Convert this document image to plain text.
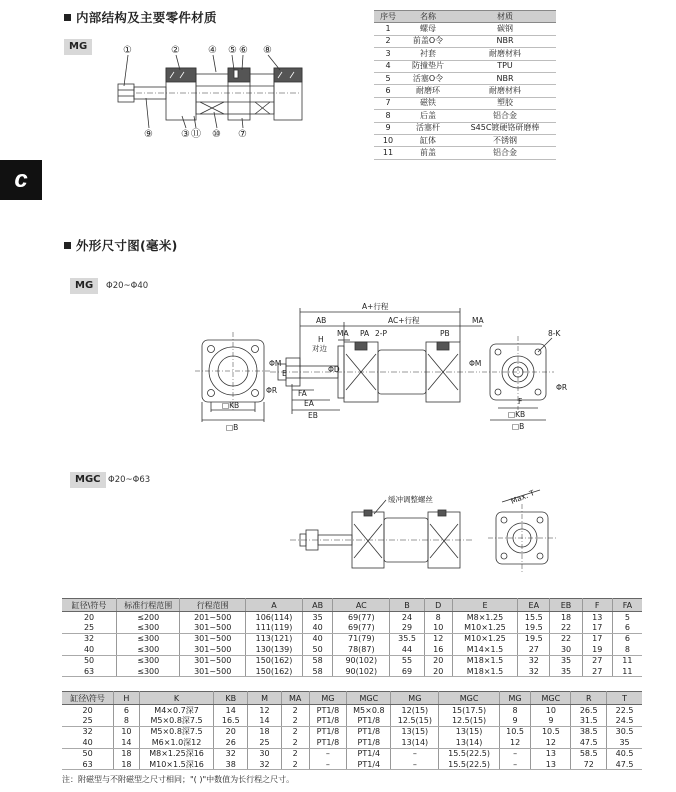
内部结构及主要零件材质
MG	①	②	④ ⑤ ⑥ ⑧
⑨	③ ⑪ ⑩ ⑦
序号	名称	材质
1	螺母	碳钢
2	前盖O令	NBR
3	衬套	耐磨材料
4	防撞垫片	TPU
5	活塞O令	NBR
6	耐磨环	耐磨材料
7	磁铁	塑胶
8	后盖	铝合金
9	活塞杆	S45C镀硬铬研磨棒
10	缸体	不锈钢
11	前盖	铝合金
c
外形尺寸图(毫米)
MG	Φ20~Φ40
A+行程
AB	AC+行程	MA
MA PA 2-P	PB
H
对边
FA
EA
EB
ΦD
E
ΦM	ΦM
□KB
□B
ΦR
8-K
ΦR
F
□KB
□B
MGC Φ20~Φ63
缓冲调整螺丝	Max. T
缸径\符号	标准行程范围	行程范围	A	AB	AC	B	D	E	EA	EB	F	FA
20	≤200	201~500	106(114)	35	69(77)	24	8	M8×1.25	15.5	18	13	5
25	≤300	301~500	111(119)	40	69(77)	29	10	M10×1.25	19.5	22	17	6
32	≤300	301~500	113(121)	40	71(79)	35.5	12	M10×1.25	19.5	22	17	6
40	≤300	301~500	130(139)	50	78(87)	44	16	M14×1.5	27	30	19	8
50	≤300	301~500	150(162)	58	90(102)	55	20	M18×1.5	32	35	27	11
63	≤300	301~500	150(162)	58	90(102)	69	20	M18×1.5	32	35	27	11
缸径\符号	H	K	KB	M	MA	MG	MGC	MG	MGC	MG	MGC	R	T
20	6	M4×0.7深7	14	12	2	PT1/8	M5×0.8	12(15)	15(17.5)	8	10	26.5	22.5
25	8	M5×0.8深7.5	16.5	14	2	PT1/8	PT1/8	12.5(15)	12.5(15)	9	9	31.5	24.5
32	10	M5×0.8深7.5	20	18	2	PT1/8	PT1/8	13(15)	13(15)	10.5	10.5	38.5	30.5
40	14	M6×1.0深12	26	25	2	PT1/8	PT1/8	13(14)	13(14)	12	12	47.5	35
50	18	M8×1.25深16	32	30	2	–	PT1/4	–	15.5(22.5)	–	13	58.5	40.5
63	18	M10×1.5深16	38	32	2	–	PT1/4	–	15.5(22.5)	–	13	72	47.5
注：附磁型与不附磁型之尺寸相同；"( )"中数值为长行程之尺寸。
